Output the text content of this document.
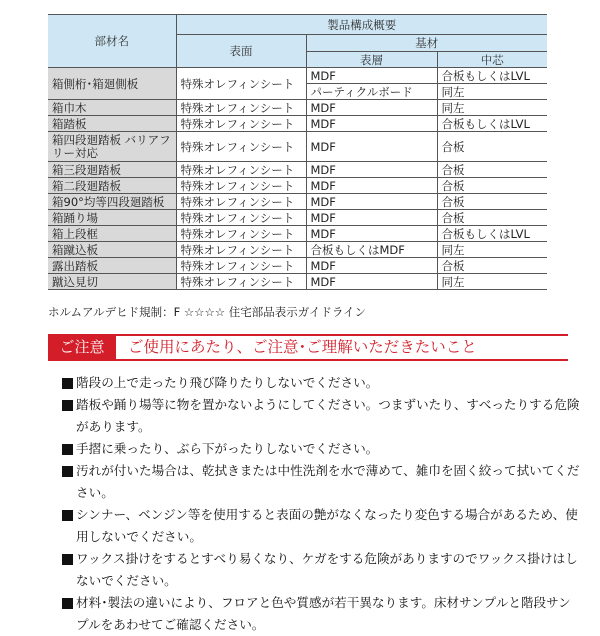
部材名	製品構成概要		
	表面	基材	
		表層	中芯
箱側桁･箱廻側板	特殊オレフィンシート	MDF	合板もしくはLVL
		パーティクルボード	同左
箱巾木	特殊オレフィンシート	MDF	同左
箱踏板	特殊オレフィンシート	MDF	合板もしくはLVL
箱四段廻踏板 バリアフリー対応	特殊オレフィンシート	MDF	合板
箱三段廻踏板	特殊オレフィンシート	MDF	合板
箱二段廻踏板	特殊オレフィンシート	MDF	合板
箱90°均等四段廻踏板	特殊オレフィンシート	MDF	合板
箱踊り場	特殊オレフィンシート	MDF	合板
箱上段框	特殊オレフィンシート	MDF	合板もしくはLVL
箱蹴込板	特殊オレフィンシート	合板もしくはMDF	同左
露出踏板	特殊オレフィンシート	MDF	合板
蹴込見切	特殊オレフィンシート	MDF	同左
ホルムアルデヒド規制：F ☆☆☆☆ 住宅部品表示ガイドライン
ご注意	ご使用にあたり、ご注意･ご理解いただきたいこと
階段の上で走ったり飛び降りたりしないでください。
踏板や踊り場等に物を置かないようにしてください。つまずいたり、すべったりする危険があります。
手摺に乗ったり、ぶら下がったりしないでください。
汚れが付いた場合は、乾拭きまたは中性洗剤を水で薄めて、雑巾を固く絞って拭いてください。
シンナー、ベンジン等を使用すると表面の艶がなくなったり変色する場合があるため、使用しないでください。
ワックス掛けをするとすべり易くなり、ケガをする危険がありますのでワックス掛けはしないでください。
材料･製法の違いにより、フロアと色や質感が若干異なります。床材サンプルと階段サンプルをあわせてご確認ください。
